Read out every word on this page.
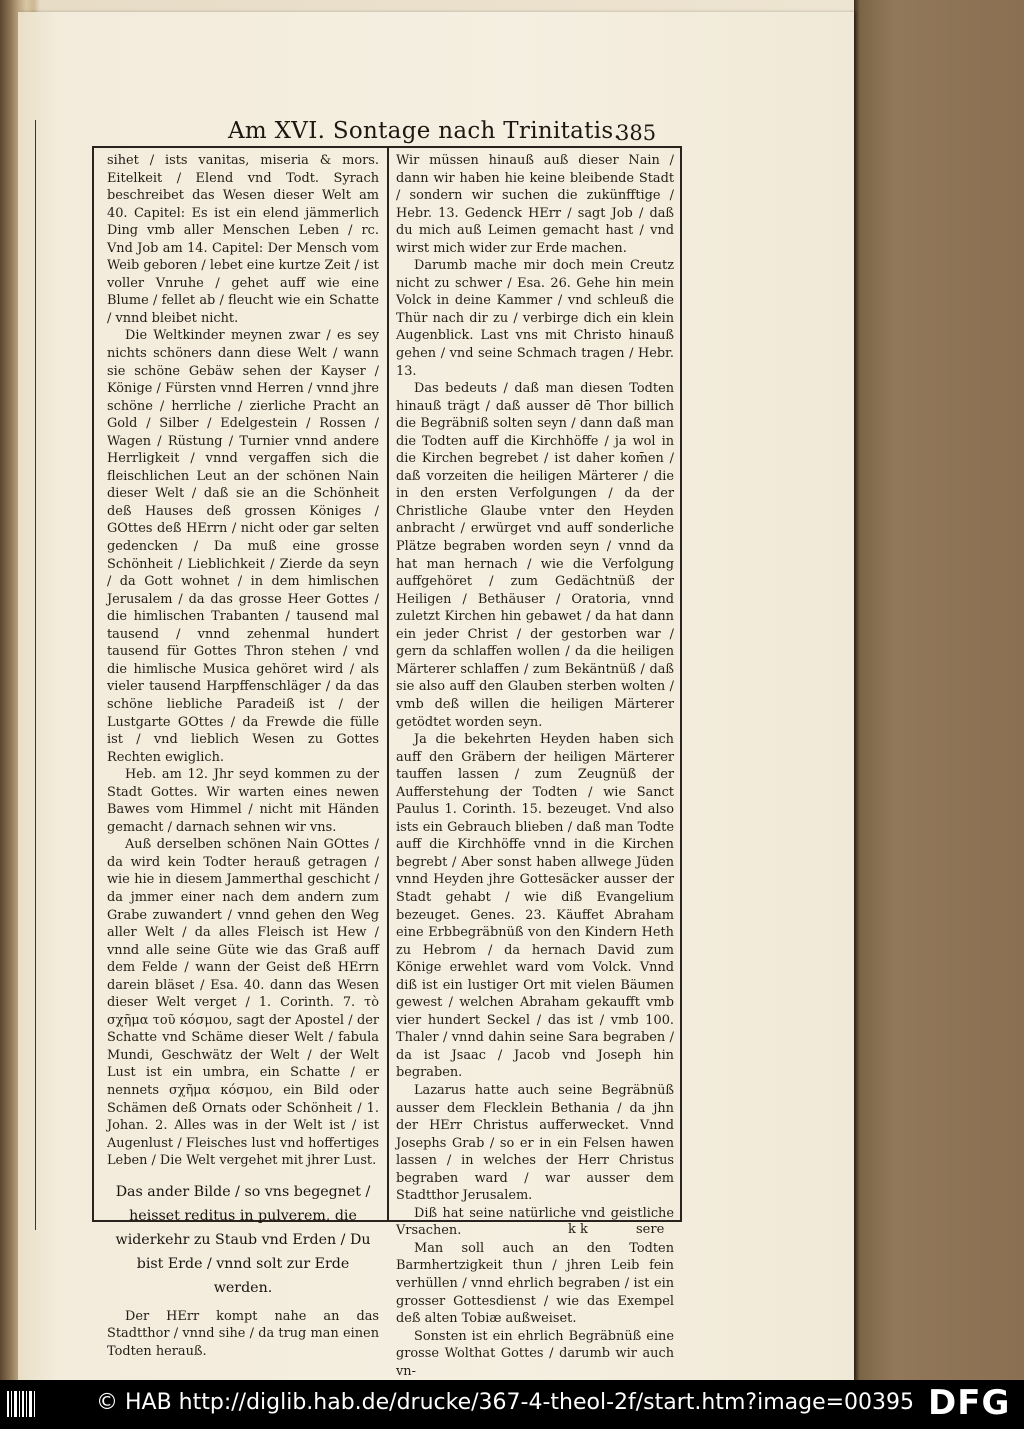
Am XVI. Sontage nach Trinitatis.
385

sihet / ists vanitas, miseria & mors. Eitelkeit / Elend vnd Todt. Syrach beschreibet das Wesen dieser Welt am 40. Capitel: Es ist ein elend jämmerlich Ding vmb aller Menschen Leben / rc. Vnd Job am 14. Capitel: Der Mensch vom Weib geboren / lebet eine kurtze Zeit / ist voller Vnruhe / gehet auff wie eine Blume / fellet ab / fleucht wie ein Schatte / vnnd bleibet nicht.

Die Weltkinder meynen zwar / es sey nichts schöners dann diese Welt / wann sie schöne Gebäw sehen der Kayser / Könige / Fürsten vnnd Herren / vnnd jhre schöne / herrliche / zierliche Pracht an Gold / Silber / Edelgestein / Rossen / Wagen / Rüstung / Turnier vnnd andere Herrligkeit / vnnd vergaffen sich die fleischlichen Leut an der schönen Nain dieser Welt / daß sie an die Schönheit deß Hauses deß grossen Königes / GOttes deß HErrn / nicht oder gar selten gedencken / Da muß eine grosse Schönheit / Lieblichkeit / Zierde da seyn / da Gott wohnet / in dem himlischen Jerusalem / da das grosse Heer Gottes / die himlischen Trabanten / tausend mal tausend / vnnd zehenmal hundert tausend für Gottes Thron stehen / vnd die himlische Musica gehöret wird / als vieler tausend Harpffenschläger / da das schöne liebliche Paradeiß ist / der Lustgarte GOttes / da Frewde die fülle ist / vnd lieblich Wesen zu Gottes Rechten ewiglich.

Heb. am 12. Jhr seyd kommen zu der Stadt Gottes. Wir warten eines newen Bawes vom Himmel / nicht mit Händen gemacht / darnach sehnen wir vns.

Auß derselben schönen Nain GOttes / da wird kein Todter herauß getragen / wie hie in diesem Jammerthal geschicht / da jmmer einer nach dem andern zum Grabe zuwandert / vnnd gehen den Weg aller Welt / da alles Fleisch ist Hew / vnnd alle seine Güte wie das Graß auff dem Felde / wann der Geist deß HErrn darein bläset / Esa. 40. dann das Wesen dieser Welt verget / 1. Corinth. 7. τὸ σχῆμα τοῦ κόσμου, sagt der Apostel / der Schatte vnd Schäme dieser Welt / fabula Mundi, Geschwätz der Welt / der Welt Lust ist ein umbra, ein Schatte / er nennets σχῆμα κόσμου, ein Bild oder Schämen deß Ornats oder Schönheit / 1. Johan. 2. Alles was in der Welt ist / ist Augenlust / Fleisches lust vnd hoffertiges Leben / Die Welt vergehet mit jhrer Lust.

Das ander Bilde / so vns begegnet / heisset reditus in pulverem, die widerkehr zu Staub vnd Erden / Du bist Erde / vnnd solt zur Erde werden.

Der HErr kompt nahe an das Stadtthor / vnnd sihe / da trug man einen Todten herauß.

Wir müssen hinauß auß dieser Nain / dann wir haben hie keine bleibende Stadt / sondern wir suchen die zukünfftige / Hebr. 13. Gedenck HErr / sagt Job / daß du mich auß Leimen gemacht hast / vnd wirst mich wider zur Erde machen.

Darumb mache mir doch mein Creutz nicht zu schwer / Esa. 26. Gehe hin mein Volck in deine Kammer / vnd schleuß die Thür nach dir zu / verbirge dich ein klein Augenblick. Last vns mit Christo hinauß gehen / vnd seine Schmach tragen / Hebr. 13.

Das bedeuts / daß man diesen Todten hinauß trägt / daß ausser dē Thor billich die Begräbniß solten seyn / dann daß man die Todten auff die Kirchhöffe / ja wol in die Kirchen begrebet / ist daher kom̄en / daß vorzeiten die heiligen Märterer / die in den ersten Verfolgungen / da der Christliche Glaube vnter den Heyden anbracht / erwürget vnd auff sonderliche Plätze begraben worden seyn / vnnd da hat man hernach / wie die Verfolgung auffgehöret / zum Gedächtnüß der Heiligen / Bethäuser / Oratoria, vnnd zuletzt Kirchen hin gebawet / da hat dann ein jeder Christ / der gestorben war / gern da schlaffen wollen / da die heiligen Märterer schlaffen / zum Bekäntnüß / daß sie also auff den Glauben sterben wolten / vmb deß willen die heiligen Märterer getödtet worden seyn.

Ja die bekehrten Heyden haben sich auff den Gräbern der heiligen Märterer tauffen lassen / zum Zeugnüß der Aufferstehung der Todten / wie Sanct Paulus 1. Corinth. 15. bezeuget. Vnd also ists ein Gebrauch blieben / daß man Todte auff die Kirchhöffe vnnd in die Kirchen begrebt / Aber sonst haben allwege Jüden vnnd Heyden jhre Gottesäcker ausser der Stadt gehabt / wie diß Evangelium bezeuget. Genes. 23. Käuffet Abraham eine Erbbegräbnüß von den Kindern Heth zu Hebrom / da hernach David zum Könige erwehlet ward vom Volck. Vnnd diß ist ein lustiger Ort mit vielen Bäumen gewest / welchen Abraham gekaufft vmb vier hundert Seckel / das ist / vmb 100. Thaler / vnnd dahin seine Sara begraben / da ist Jsaac / Jacob vnd Joseph hin begraben.

Lazarus hatte auch seine Begräbnüß ausser dem Flecklein Bethania / da jhn der HErr Christus aufferwecket. Vnnd Josephs Grab / so er in ein Felsen hawen lassen / in welches der Herr Christus begraben ward / war ausser dem Stadtthor Jerusalem.

Diß hat seine natürliche vnd geistliche Vrsachen.

Man soll auch an den Todten Barmhertzigkeit thun / jhren Leib fein verhüllen / vnnd ehrlich begraben / ist ein grosser Gottesdienst / wie das Exempel deß alten Tobiæ außweiset.

Sonsten ist ein ehrlich Begräbnüß eine grosse Wolthat Gottes / darumb wir auch vn-

k k	sere
© HAB http://diglib.hab.de/drucke/367-4-theol-2f/start.htm?image=00395 DFG
